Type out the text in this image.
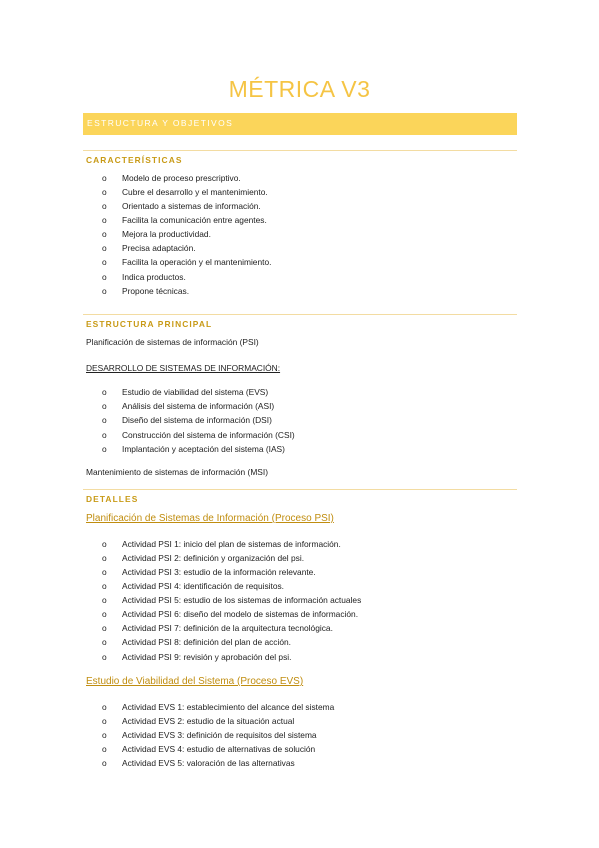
MÉTRICA V3
ESTRUCTURA Y OBJETIVOS
CARACTERÍSTICAS
o Modelo de proceso prescriptivo.
o Cubre el desarrollo y el mantenimiento.
o Orientado a sistemas de información.
o Facilita la comunicación entre agentes.
o Mejora la productividad.
o Precisa adaptación.
o Facilita la operación y el mantenimiento.
o Indica productos.
o Propone técnicas.
ESTRUCTURA PRINCIPAL
Planificación de sistemas de información (PSI)
DESARROLLO DE SISTEMAS DE INFORMACIÓN:
o Estudio de viabilidad del sistema (EVS)
o Análisis del sistema de información (ASI)
o Diseño del sistema de información (DSI)
o Construcción del sistema de información (CSI)
o Implantación y aceptación del sistema (IAS)
Mantenimiento de sistemas de información (MSI)
DETALLES
Planificación de Sistemas de Información (Proceso PSI)
o Actividad PSI 1: inicio del plan de sistemas de información.
o Actividad PSI 2: definición y organización del psi.
o Actividad PSI 3: estudio de la información relevante.
o Actividad PSI 4: identificación de requisitos.
o Actividad PSI 5: estudio de los sistemas de información actuales
o Actividad PSI 6: diseño del modelo de sistemas de información.
o Actividad PSI 7: definición de la arquitectura tecnológica.
o Actividad PSI 8: definición del plan de acción.
o Actividad PSI 9: revisión y aprobación del psi.
Estudio de Viabilidad del Sistema (Proceso EVS)
o Actividad EVS 1: establecimiento del alcance del sistema
o Actividad EVS 2: estudio de la situación actual
o Actividad EVS 3: definición de requisitos del sistema
o Actividad EVS 4: estudio de alternativas de solución
o Actividad EVS 5: valoración de las alternativas
